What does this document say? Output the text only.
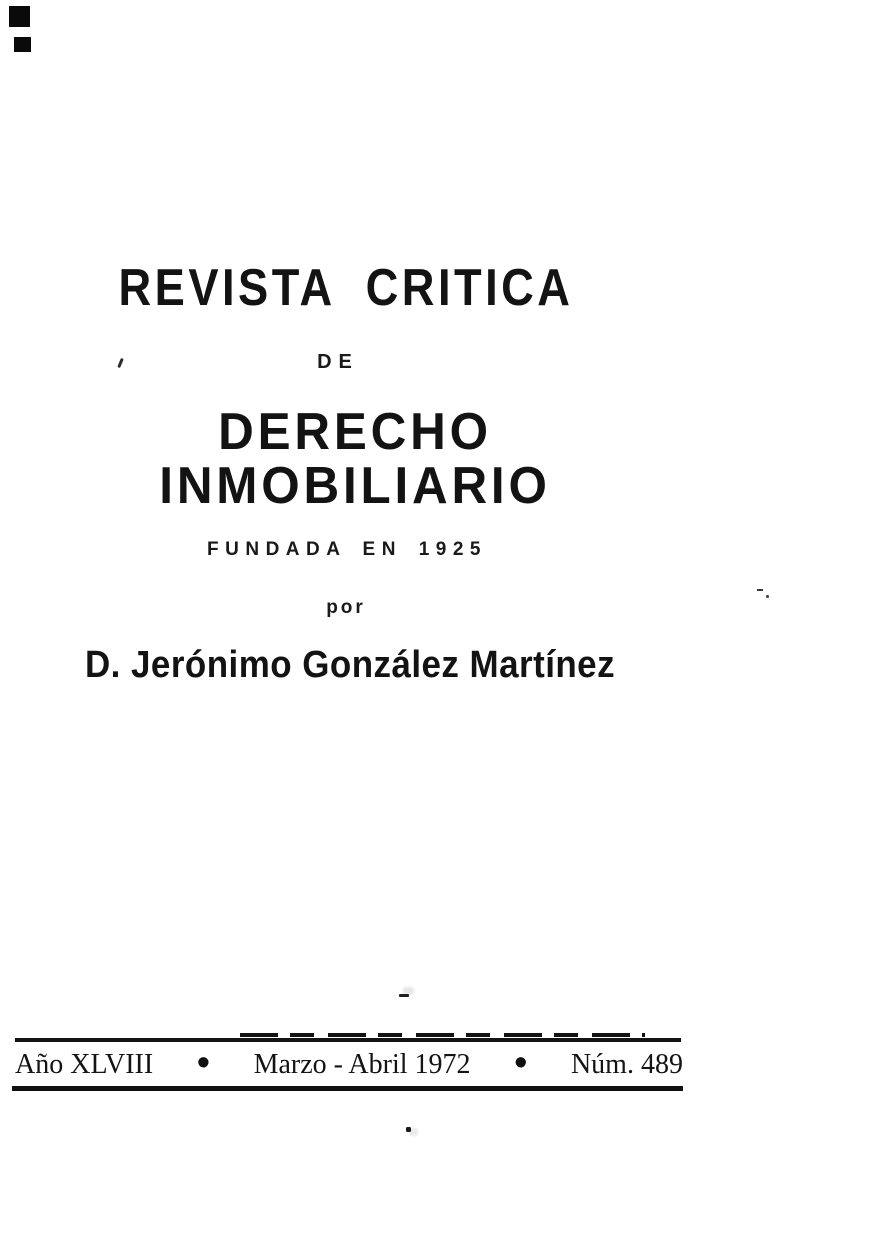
REVISTA CRITICA
DE
DERECHO INMOBILIARIO
FUNDADA EN 1925
por
D. Jerónimo González Martínez
Año XLVIII • Marzo - Abril 1972 • Núm. 489
